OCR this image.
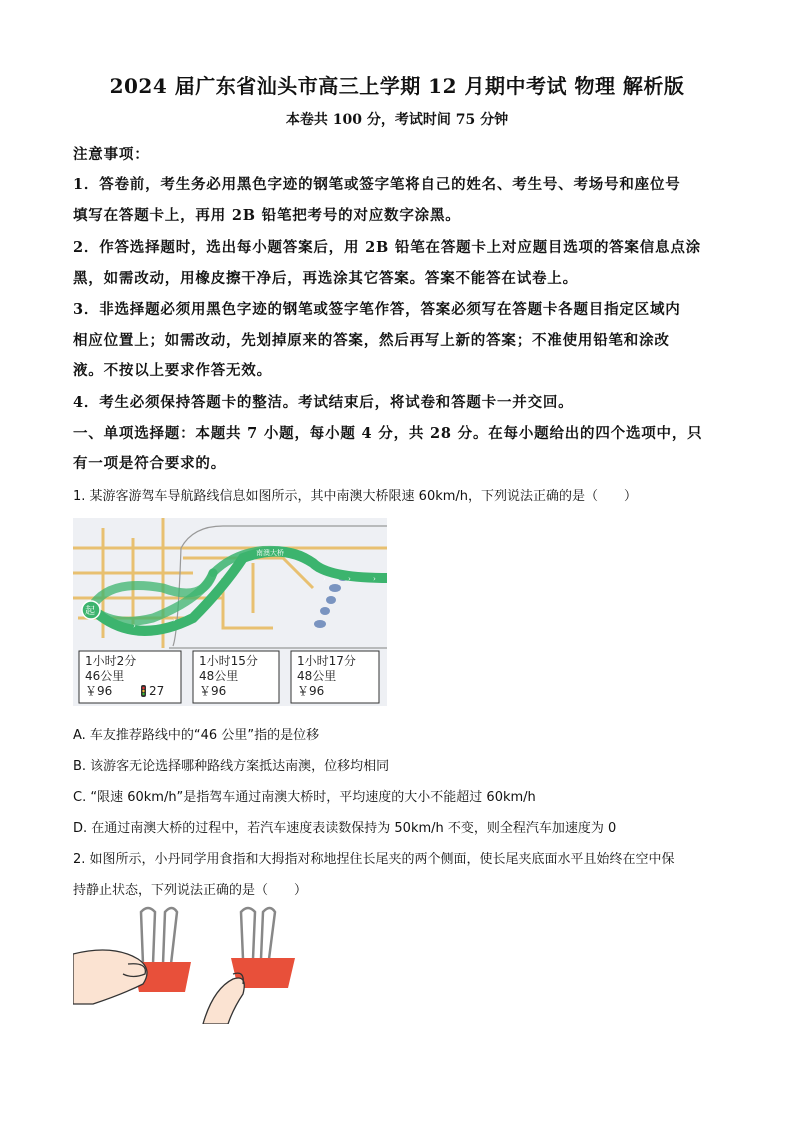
2024 届广东省汕头市高三上学期 12 月期中考试 物理 解析版
本卷共 100 分，考试时间 75 分钟
注意事项：
1．答卷前，考生务必用黑色字迹的钢笔或签字笔将自己的姓名、考生号、考场号和座位号
填写在答题卡上，再用 2B 铅笔把考号的对应数字涂黑。
2．作答选择题时，选出每小题答案后，用 2B 铅笔在答题卡上对应题目选项的答案信息点涂
黑，如需改动，用橡皮擦干净后，再选涂其它答案。答案不能答在试卷上。
3．非选择题必须用黑色字迹的钢笔或签字笔作答，答案必须写在答题卡各题目指定区域内
相应位置上；如需改动，先划掉原来的答案，然后再写上新的答案；不准使用铅笔和涂改
液。不按以上要求作答无效。
4．考生必须保持答题卡的整洁。考试结束后，将试卷和答题卡一并交回。
一、单项选择题：本题共 7 小题，每小题 4 分，共 28 分。在每小题给出的四个选项中，只
有一项是符合要求的。
1. 某游客游驾车导航路线信息如图所示，其中南澳大桥限速 60km/h，下列说法正确的是（　　）
›	›	›
›
›
南澳大桥
起
1小时2分
46公里
￥96	27
1小时15分
48公里
￥96
1小时17分
48公里
￥96
A. 车友推荐路线中的“46 公里”指的是位移
B. 该游客无论选择哪种路线方案抵达南澳，位移均相同
C. “限速 60km/h”是指驾车通过南澳大桥时，平均速度的大小不能超过 60km/h
D. 在通过南澳大桥的过程中，若汽车速度表读数保持为 50km/h 不变，则全程汽车加速度为 0
2. 如图所示，小丹同学用食指和大拇指对称地捏住长尾夹的两个侧面，使长尾夹底面水平且始终在空中保
持静止状态，下列说法正确的是（　　）
